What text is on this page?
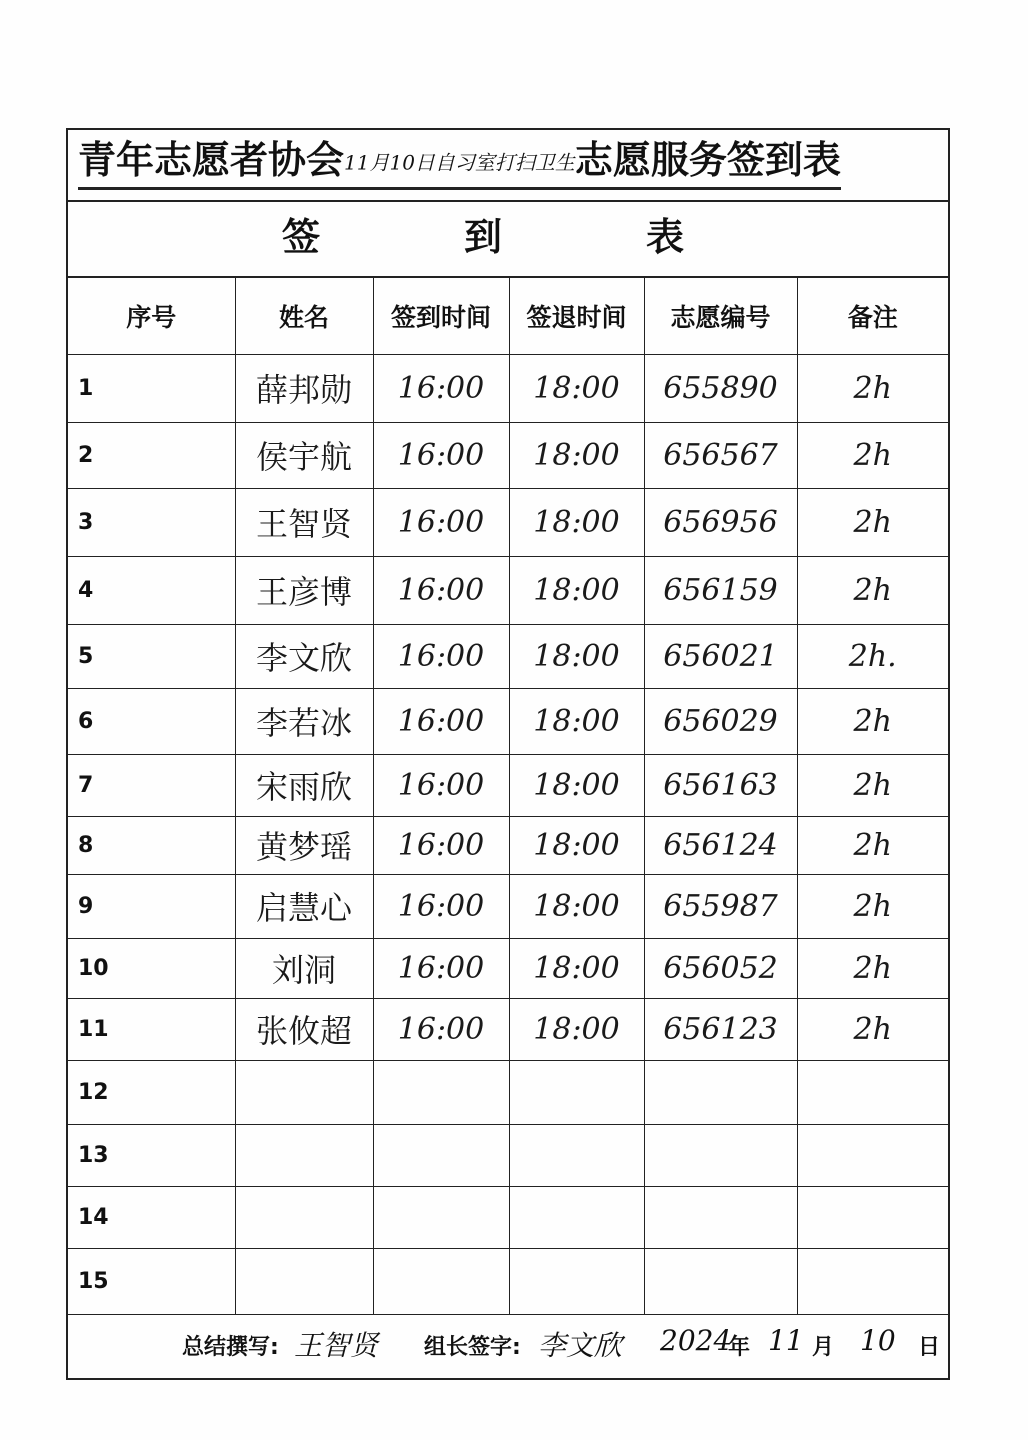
青年志愿者协会11月10日自习室打扫卫生志愿服务签到表
签	到	表
序号	姓名	签到时间	签退时间	志愿编号	备注
1	薛邦勋	16:00	18:00	655890	2h
2	侯宇航	16:00	18:00	656567	2h
3	王智贤	16:00	18:00	656956	2h
4	王彦博	16:00	18:00	656159	2h
5	李文欣	16:00	18:00	656021	2h.
6	李若冰	16:00	18:00	656029	2h
7	宋雨欣	16:00	18:00	656163	2h
8	黄梦瑶	16:00	18:00	656124	2h
9	启慧心	16:00	18:00	655987	2h
10	刘洞	16:00	18:00	656052	2h
11	张攸超	16:00	18:00	656123	2h
12					
13					
14					
15					
总结撰写: 王智贤 组长签字: 李文欣 2024
年 11 月 10 日
